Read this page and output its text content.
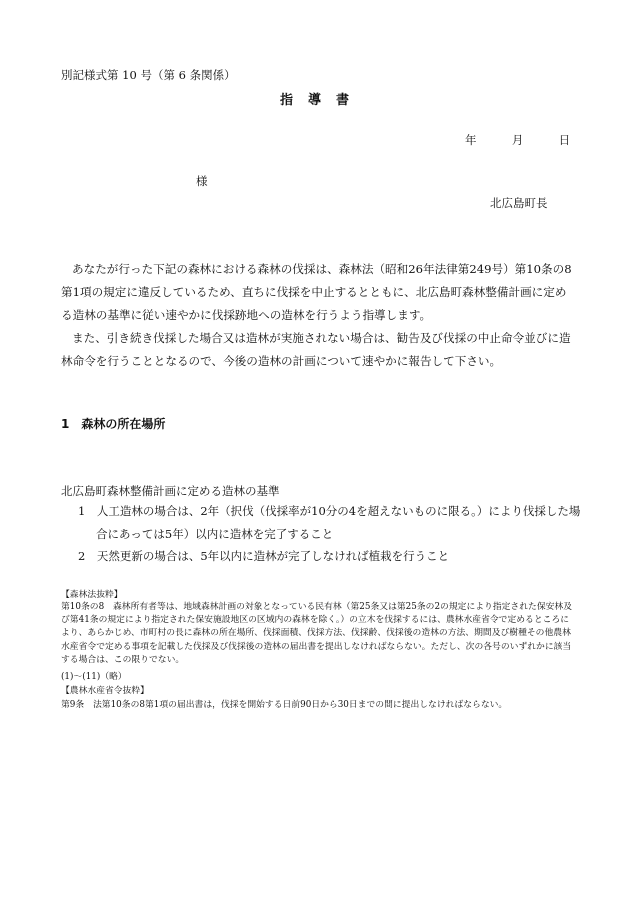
別記様式第 10 号（第 6 条関係）
指　導　書
年	月	日
様
北広島町長

あなたが行った下記の森林における森林の伐採は、森林法（昭和26年法律第249号）第10条の8第1項の規定に違反しているため、直ちに伐採を中止するとともに、北広島町森林整備計画に定める造林の基準に従い速やかに伐採跡地への造林を行うよう指導します。

また、引き続き伐採した場合又は造林が実施されない場合は、勧告及び伐採の中止命令並びに造林命令を行うこととなるので、今後の造林の計画について速やかに報告して下さい。

1　森林の所在場所
北広島町森林整備計画に定める造林の基準

1　人工造林の場合は、2年（択伐（伐採率が10分の4を超えないものに限る。）により伐採した場合にあっては5年）以内に造林を完了すること

2　天然更新の場合は、5年以内に造林が完了しなければ植栽を行うこと

【森林法抜粋】

第10条の8　森林所有者等は、地域森林計画の対象となっている民有林（第25条又は第25条の2の規定により指定された保安林及び第41条の規定により指定された保安施設地区の区域内の森林を除く。）の立木を伐採するには、農林水産省令で定めるところにより、あらかじめ、市町村の長に森林の所在場所、伐採面積、伐採方法、伐採齢、伐採後の造林の方法、期間及び樹種その他農林水産省令で定める事項を記載した伐採及び伐採後の造林の届出書を提出しなければならない。ただし、次の各号のいずれかに該当する場合は、この限りでない。

(1)～(11)（略）
【農林水産省令抜粋】
第9条　法第10条の8第1項の届出書は，伐採を開始する日前90日から30日までの間に提出しなければならない。
